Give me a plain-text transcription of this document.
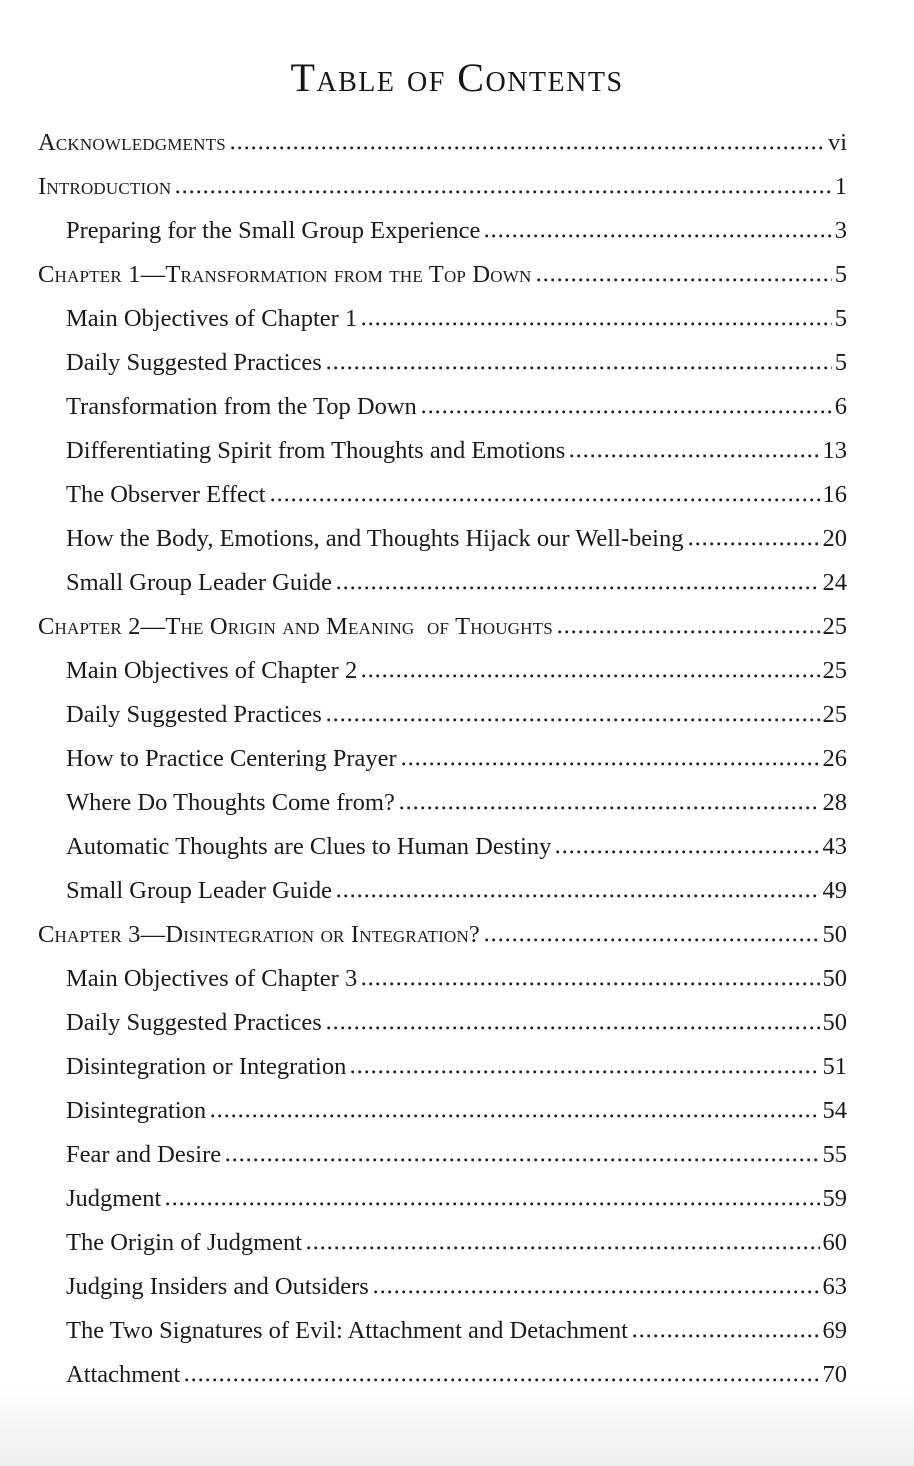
Table of Contents
Acknowledgments	vi
Introduction	1
Preparing for the Small Group Experience	3
Chapter 1—Transformation from the Top Down	5
Main Objectives of Chapter 1	5
Daily Suggested Practices	5
Transformation from the Top Down	6
Differentiating Spirit from Thoughts and Emotions	13
The Observer Effect	16
How the Body, Emotions, and Thoughts Hijack our Well-being	20
Small Group Leader Guide	24
Chapter 2—The Origin and Meaning  of Thoughts	25
Main Objectives of Chapter 2	25
Daily Suggested Practices	25
How to Practice Centering Prayer	26
Where Do Thoughts Come from?	28
Automatic Thoughts are Clues to Human Destiny	43
Small Group Leader Guide	49
Chapter 3—Disintegration or Integration?	50
Main Objectives of Chapter 3	50
Daily Suggested Practices	50
Disintegration or Integration	51
Disintegration	54
Fear and Desire	55
Judgment	59
The Origin of Judgment	60
Judging Insiders and Outsiders	63
The Two Signatures of Evil: Attachment and Detachment	69
Attachment	70
